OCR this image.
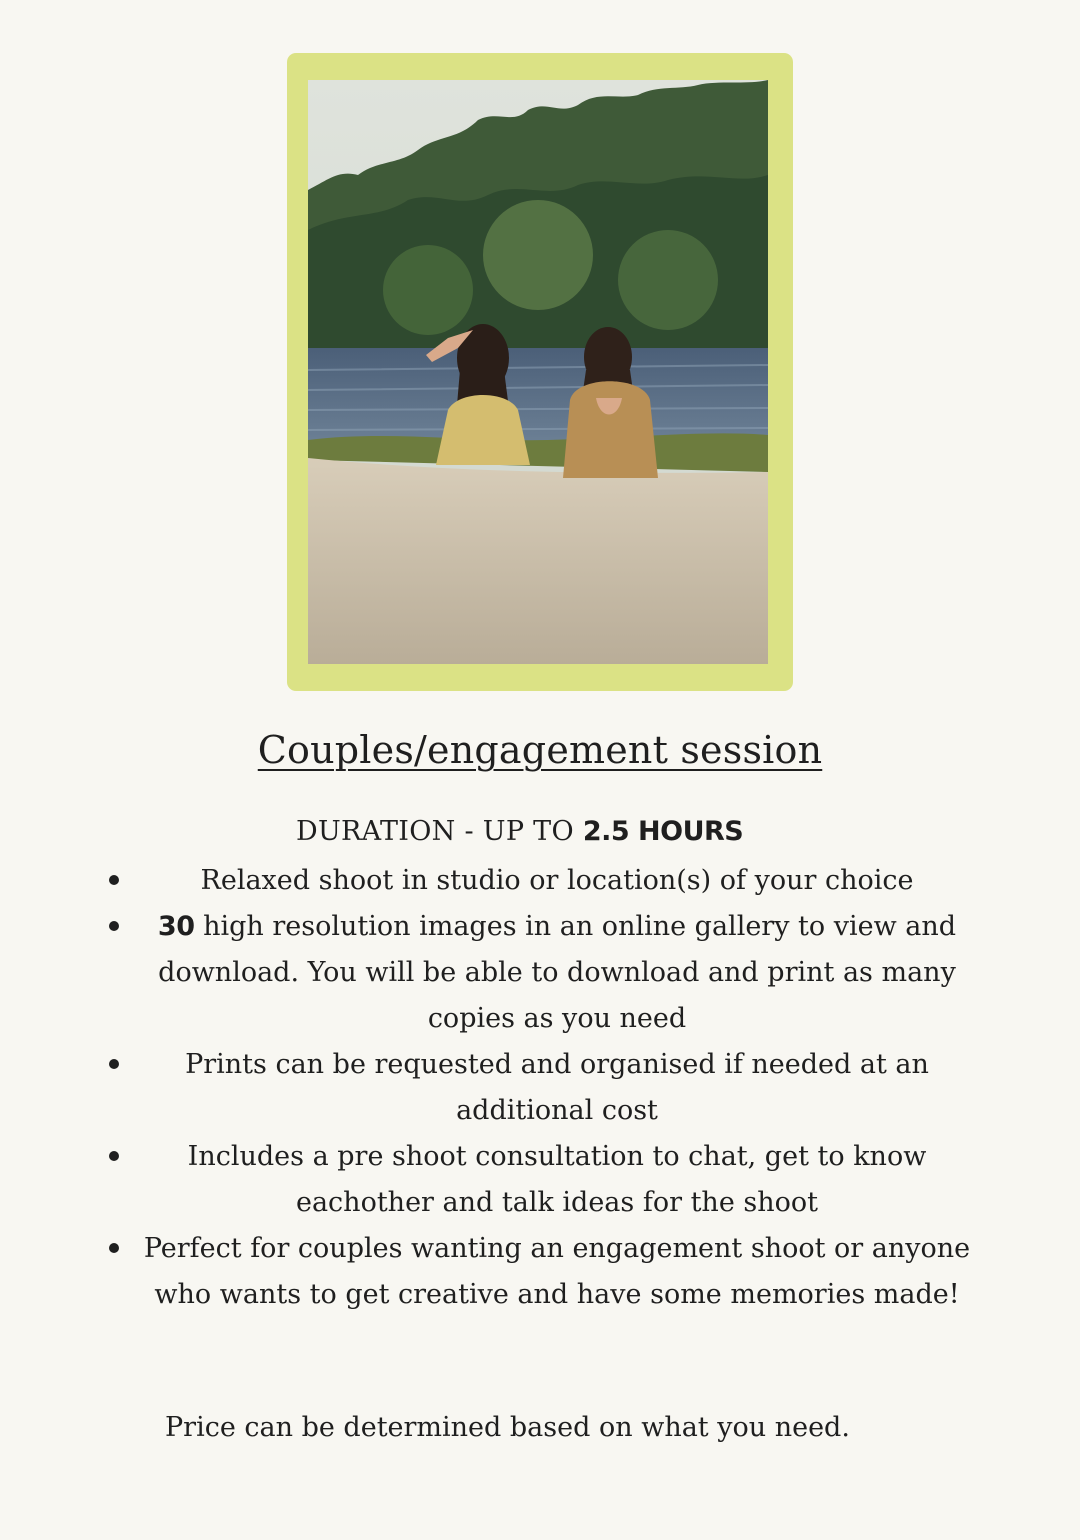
Couples/engagement session
DURATION - UP TO 2.5 HOURS
Relaxed shoot in studio or location(s) of your choice
30 high resolution images in an online gallery to view and download. You will be able to download and print as many copies as you need
Prints can be requested and organised if needed at an additional cost
Includes a pre shoot consultation to chat, get to know eachother and talk ideas for the shoot
Perfect for couples wanting an engagement shoot or anyone who wants to get creative and have some memories made!
Price can be determined based on what you need.
